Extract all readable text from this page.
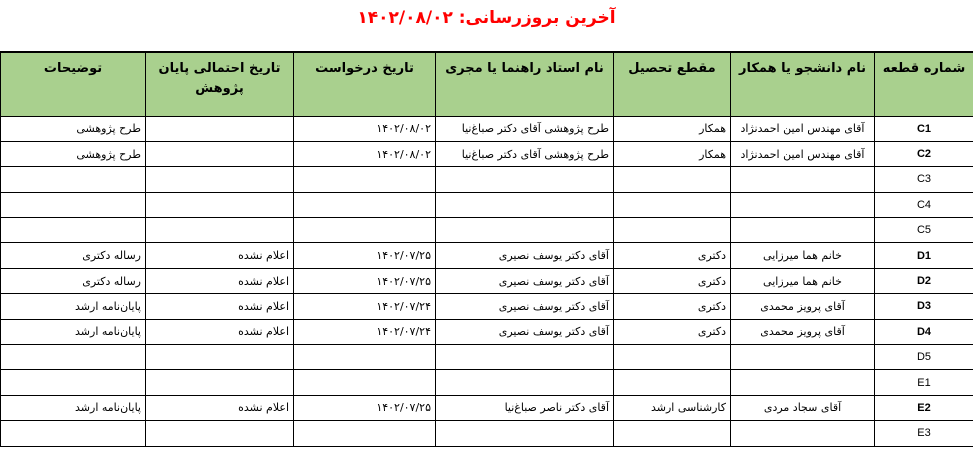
آخرین بروزرسانی: ۱۴۰۲/۰۸/۰۲
شماره قطعه	نام دانشجو یا همکار	مقطع تحصیل	نام استاد راهنما یا مجری	تاریخ درخواست	تاریخ احتمالی پایان پژوهش	توضیحات
C1	آقای مهندس امین احمدنژاد	همکار	طرح پژوهشی آقای دکتر صباغ‌نیا	۱۴۰۲/۰۸/۰۲		طرح پژوهشی
C2	آقای مهندس امین احمدنژاد	همکار	طرح پژوهشی آقای دکتر صباغ‌نیا	۱۴۰۲/۰۸/۰۲		طرح پژوهشی
C3						
C4						
C5						
D1	خانم هما میرزایی	دکتری	آقای دکتر یوسف نصیری	۱۴۰۲/۰۷/۲۵	اعلام نشده	رساله دکتری
D2	خانم هما میرزایی	دکتری	آقای دکتر یوسف نصیری	۱۴۰۲/۰۷/۲۵	اعلام نشده	رساله دکتری
D3	آقای پرویز محمدی	دکتری	آقای دکتر یوسف نصیری	۱۴۰۲/۰۷/۲۴	اعلام نشده	پایان‌نامه ارشد
D4	آقای پرویز محمدی	دکتری	آقای دکتر یوسف نصیری	۱۴۰۲/۰۷/۲۴	اعلام نشده	پایان‌نامه ارشد
D5						
E1						
E2	آقای سجاد مردی	کارشناسی ارشد	آقای دکتر ناصر صباغ‌نیا	۱۴۰۲/۰۷/۲۵	اعلام نشده	پایان‌نامه ارشد
E3						
